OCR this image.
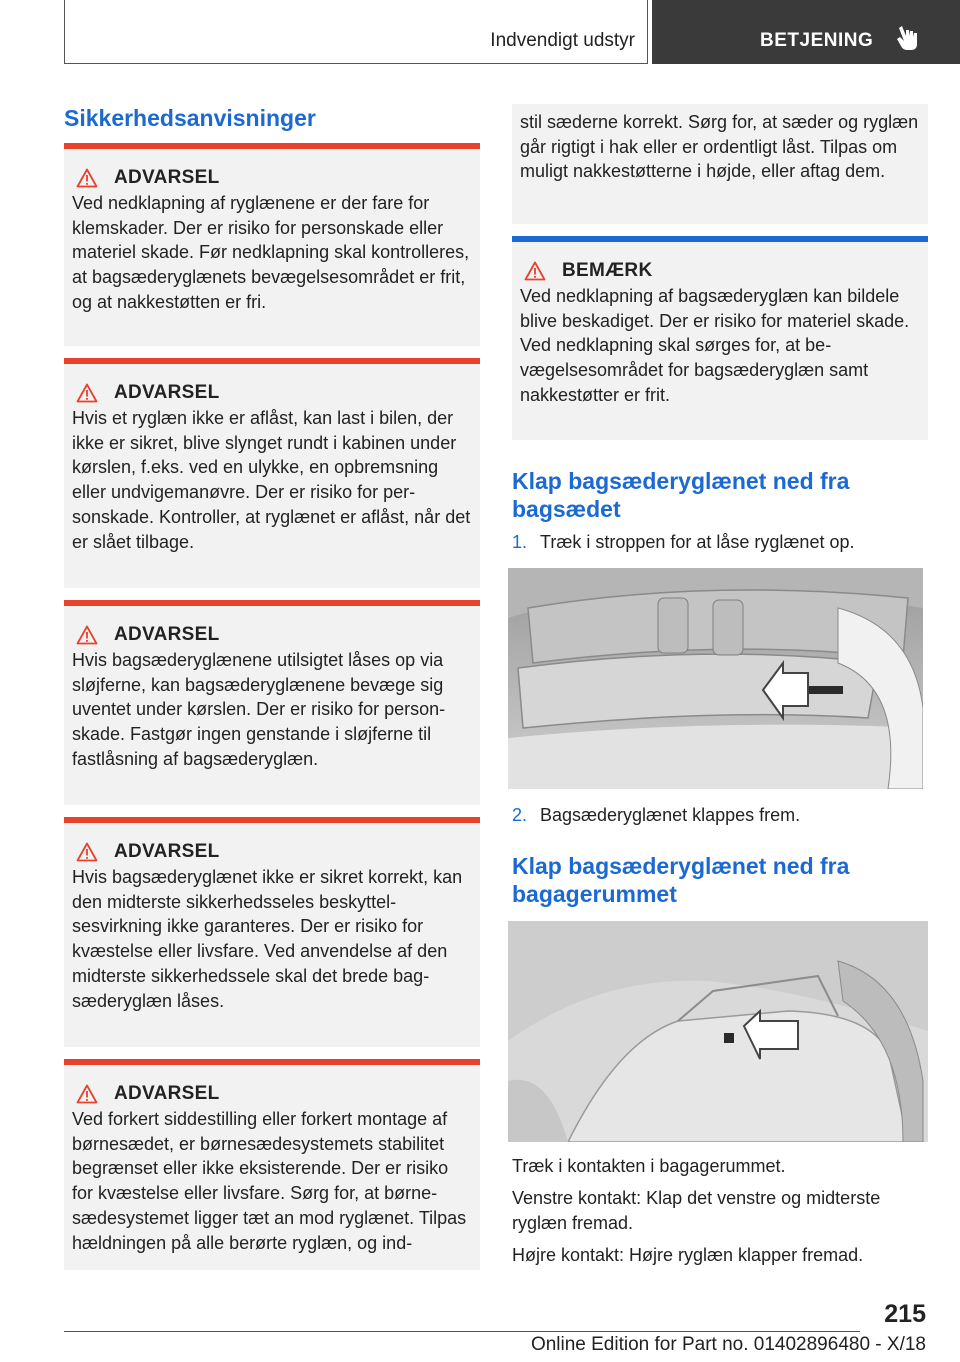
Indvendigt udstyr	BETJENING
Sikkerhedsanvisninger
ADVARSEL
Ved nedklapning af ryglænene er der fare for klemskader. Der er risiko for personskade eller materiel skade. Før nedklapning skal kontrolleres, at bagsæderyglænets bevægelsesområdet er frit, og at nakkestøtten er fri.
ADVARSEL
Hvis et ryglæn ikke er aflåst, kan last i bilen, der ikke er sikret, blive slynget rundt i kabinen under kørslen, f.eks. ved en ulykke, en opbremsning eller undvigemanøvre. Der er risiko for personskade. Kontroller, at ryglænet er aflåst, når det er slået tilbage.
ADVARSEL
Hvis bagsæderyglænene utilsigtet låses op via sløjferne, kan bagsæderyglænene bevæge sig uventet under kørslen. Der er risiko for personskade. Fastgør ingen genstande i sløjferne til fastlåsning af bagsæderyglæn.
ADVARSEL
Hvis bagsæderyglænet ikke er sikret korrekt, kan den midterste sikkerhedsseles beskyttelsesvirkning ikke garanteres. Der er risiko for kvæstelse eller livsfare. Ved anvendelse af den midterste sikkerhedssele skal det brede bagsæderyglæn låses.
ADVARSEL
Ved forkert siddestilling eller forkert montage af børnesædet, er børnesædesystemets stabilitet begrænset eller ikke eksisterende. Der er risiko for kvæstelse eller livsfare. Sørg for, at børnesædesystemet ligger tæt an mod ryglænet. Tilpas hældningen på alle berørte ryglæn, og ind-
stil sæderne korrekt. Sørg for, at sæder og ryglæn går rigtigt i hak eller er ordentligt låst. Tilpas om muligt nakkestøtterne i højde, eller aftag dem.
BEMÆRK
Ved nedklapning af bagsæderyglæn kan bildele blive beskadiget. Der er risiko for materiel skade. Ved nedklapning skal sørges for, at bevægelsesområdet for bagsæderyglæn samt nakkestøtter er frit.
Klap bagsæderyglænet ned fra bagsædet
1. Træk i stroppen for at låse ryglænet op.
2. Bagsæderyglænet klappes frem.
Klap bagsæderyglænet ned fra bagagerummet
Træk i kontakten i bagagerummet.
Venstre kontakt: Klap det venstre og midterste ryglæn fremad.
Højre kontakt: Højre ryglæn klapper fremad.
215
Online Edition for Part no. 01402896480 - X/18
